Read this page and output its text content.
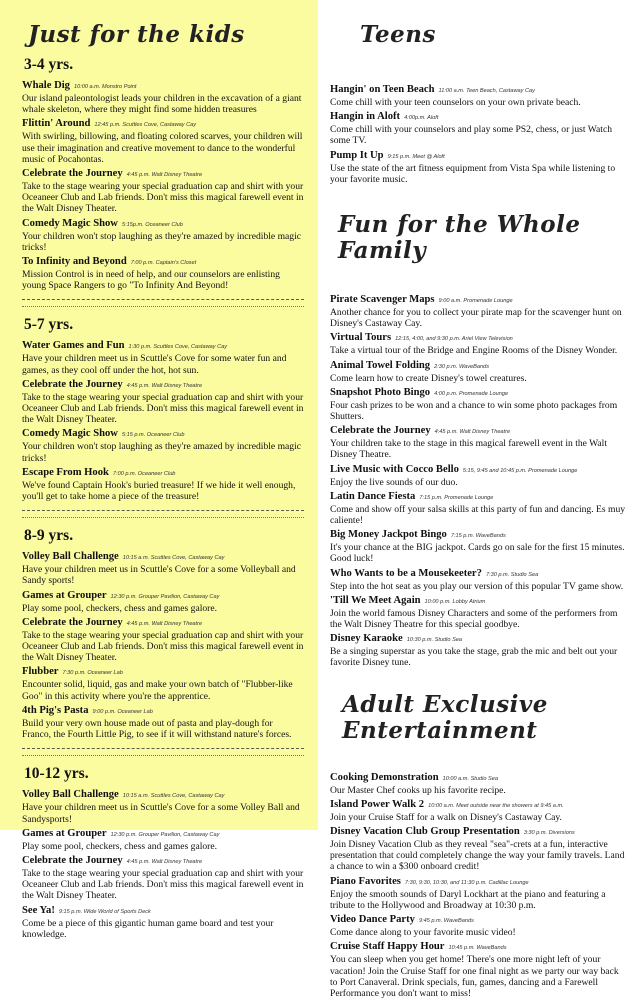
Just for the kids
3-4 yrs.
Whale Dig 10:00 a.m. Monstro Point
Our island paleontologist leads your children in the excavation of a giant whale skeleton, where they might find some hidden treasures
Flittin' Around 12:45 p.m. Scuttles Cove, Castaway Cay
With swirling, billowing, and floating colored scarves, your children will use their imagination and creative movement to dance to the wonderful music of Pocahontas.
Celebrate the Journey 4:45 p.m. Walt Disney Theatre
Take to the stage wearing your special graduation cap and shirt with your Oceaneer Club and Lab friends. Don't miss this magical farewell event in the Walt Disney Theater.
Comedy Magic Show 5:15p.m. Oceaneer Club
Your children won't stop laughing as they're amazed by incredible magic tricks!
To Infinity and Beyond 7:00 p.m. Captain's Closet
Mission Control is in need of help, and our counselors are enlisting young Space Rangers to go "To Infinity And Beyond!
5-7 yrs.
Water Games and Fun 1:30 p.m. Scuttles Cove, Castaway Cay
Have your children meet us in Scuttle's Cove for some water fun and games, as they cool off under the hot, hot sun.
Celebrate the Journey 4:45 p.m. Walt Disney Theatre
Take to the stage wearing your special graduation cap and shirt with your Oceaneer Club and Lab friends. Don't miss this magical farewell event in the Walt Disney Theater.
Comedy Magic Show 5:15 p.m. Oceaneer Club
Your children won't stop laughing as they're amazed by incredible magic tricks!
Escape From Hook 7:00 p.m. Oceaneer Club
We've found Captain Hook's buried treasure! If we hide it well enough, you'll get to take home a piece of the treasure!
8-9 yrs.
Volley Ball Challenge 10:15 a.m. Scuttles Cove, Castaway Cay
Have your children meet us in Scuttle's Cove for a some Volleyball and Sandy sports!
Games at Grouper 12:30 p.m. Grouper Pavilion, Castaway Cay
Play some pool, checkers, chess and games galore.
Celebrate the Journey 4:45 p.m. Walt Disney Theatre
Take to the stage wearing your special graduation cap and shirt with your Oceaneer Club and Lab friends. Don't miss this magical farewell event in the Walt Disney Theater.
Flubber 7:30 p.m. Oceaneer Lab
Encounter solid, liquid, gas and make your own batch of "Flubber-like Goo" in this activity where you're the apprentice.
4th Pig's Pasta 9:00 p.m. Oceaneer Lab
Build your very own house made out of pasta and play-dough for Franco, the Fourth Little Pig, to see if it will withstand nature's forces.
10-12 yrs.
Volley Ball Challenge 10:15 a.m. Scuttles Cove, Castaway Cay
Have your children meet us in Scuttle's Cove for a some Volley Ball and Sandysports!
Games at Grouper 12:30 p.m. Grouper Pavilion, Castaway Cay
Play some pool, checkers, chess and games galore.
Celebrate the Journey 4:45 p.m. Walt Disney Theatre
Take to the stage wearing your special graduation cap and shirt with your Oceaneer Club and Lab friends. Don't miss this magical farewell event in the Walt Disney Theater.
See Ya! 9:15 p.m. Wide World of Sports Deck
Come be a piece of this gigantic human game board and test your knowledge.
Teens
Hangin' on Teen Beach 11:00 a.m. Teen Beach, Castaway Cay
Come chill with your teen counselors on your own private beach.
Hangin in Aloft 4:00p.m. Aloft
Come chill with your counselors and play some PS2, chess, or just Watch some TV.
Pump It Up 9:15 p.m. Meet @ Aloft
Use the state of the art fitness equipment from Vista Spa while listening to your favorite music.
Fun for the Whole Family
Pirate Scavenger Maps 9:00 a.m. Promenade Lounge
Another chance for you to collect your pirate map for the scavenger hunt on Disney's Castaway Cay.
Virtual Tours 12:15, 4:00, and 9:30 p.m. Ariel View Television
Take a virtual tour of the Bridge and Engine Rooms of the Disney Wonder.
Animal Towel Folding 2:30 p.m. WaveBands
Come learn how to create Disney's towel creatures.
Snapshot Photo Bingo 4:00 p.m. Promenade Lounge
Four cash prizes to be won and a chance to win some photo packages from Shutters.
Celebrate the Journey 4:45 p.m. Walt Disney Theatre
Your children take to the stage in this magical farewell event in the Walt Disney Theatre.
Live Music with Cocco Bello 5:15, 9:45 and 10:45 p.m. Promenade Lounge
Enjoy the live sounds of our duo.
Latin Dance Fiesta 7:15 p.m. Promenade Lounge
Come and show off your salsa skills at this party of fun and dancing. Es muy caliente!
Big Money Jackpot Bingo 7:15 p.m. WaveBands
It's your chance at the BIG jackpot. Cards go on sale for the first 15 minutes. Good luck!
Who Wants to be a Mousekeeter? 7:30 p.m. Studio Sea
Step into the hot seat as you play our version of this popular TV game show.
'Till We Meet Again 10:00 p.m. Lobby Atrium
Join the world famous Disney Characters and some of the performers from the Walt Disney Theatre for this special goodbye.
Disney Karaoke 10:30 p.m. Studio Sea
Be a singing superstar as you take the stage, grab the mic and belt out your favorite Disney tune.
Adult Exclusive Entertainment
Cooking Demonstration 10:00 a.m. Studio Sea
Our Master Chef cooks up his favorite recipe.
Island Power Walk 2 10:00 a.m. Meet outside near the showers at 9:45 a.m.
Join your Cruise Staff for a walk on Disney's Castaway Cay.
Disney Vacation Club Group Presentation 3:30 p.m. Diversions
Join Disney Vacation Club as they reveal "sea"-crets at a fun, interactive presentation that could completely change the way your family travels. Land a chance to win a $300 onboard credit!
Piano Favorites 7:30, 9:30, 10:30, and 11:30 p.m. Cadillac Lounge
Enjoy the smooth sounds of Daryl Lockhart at the piano and featuring a tribute to the Hollywood and Broadway at 10:30 p.m.
Video Dance Party 9:45 p.m. WaveBands
Come dance along to your favorite music video!
Cruise Staff Happy Hour 10:45 p.m. WaveBands
You can sleep when you get home! There's one more night left of your vacation! Join the Cruise Staff for one final night as we party our way back to Port Canaveral. Drink specials, fun, games, dancing and a Farewell Performance you don't want to miss!
